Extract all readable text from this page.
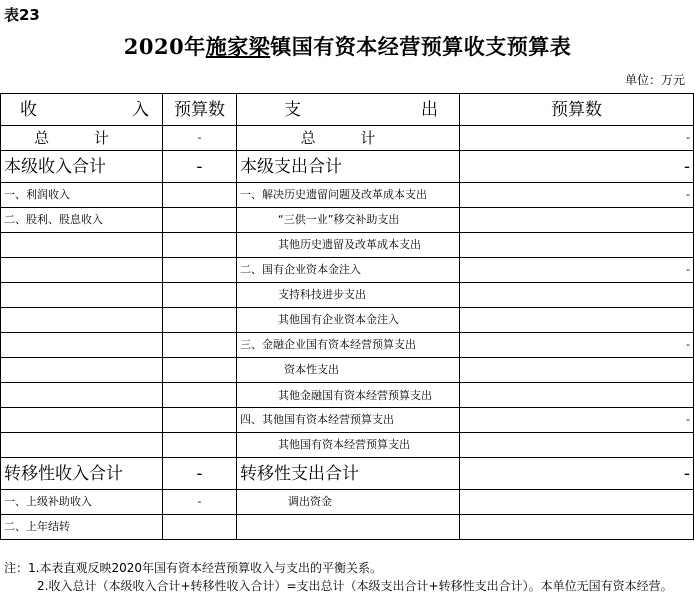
表23
2020年施家梁镇国有资本经营预算收支预算表
单位：万元
收 入	预算数	支 出	预算数
总 计	-	总 计	-
本级收入合计	-	本级支出合计	-
一、利润收入		一、解决历史遗留问题及改革成本支出	-
二、股利、股息收入		“三供一业”移交补助支出	
		其他历史遗留及改革成本支出	
		二、国有企业资本金注入	-
		支持科技进步支出	
		其他国有企业资本金注入	
		三、金融企业国有资本经营预算支出	-
		资本性支出	
		其他金融国有资本经营预算支出	
		四、其他国有资本经营预算支出	-
		其他国有资本经营预算支出	
转移性收入合计	-	转移性支出合计	-
一、上级补助收入	-	调出资金	
二、上年结转			
注：1.本表直观反映2020年国有资本经营预算收入与支出的平衡关系。
2.收入总计（本级收入合计+转移性收入合计）=支出总计（本级支出合计+转移性支出合计）。本单位无国有资本经营。
